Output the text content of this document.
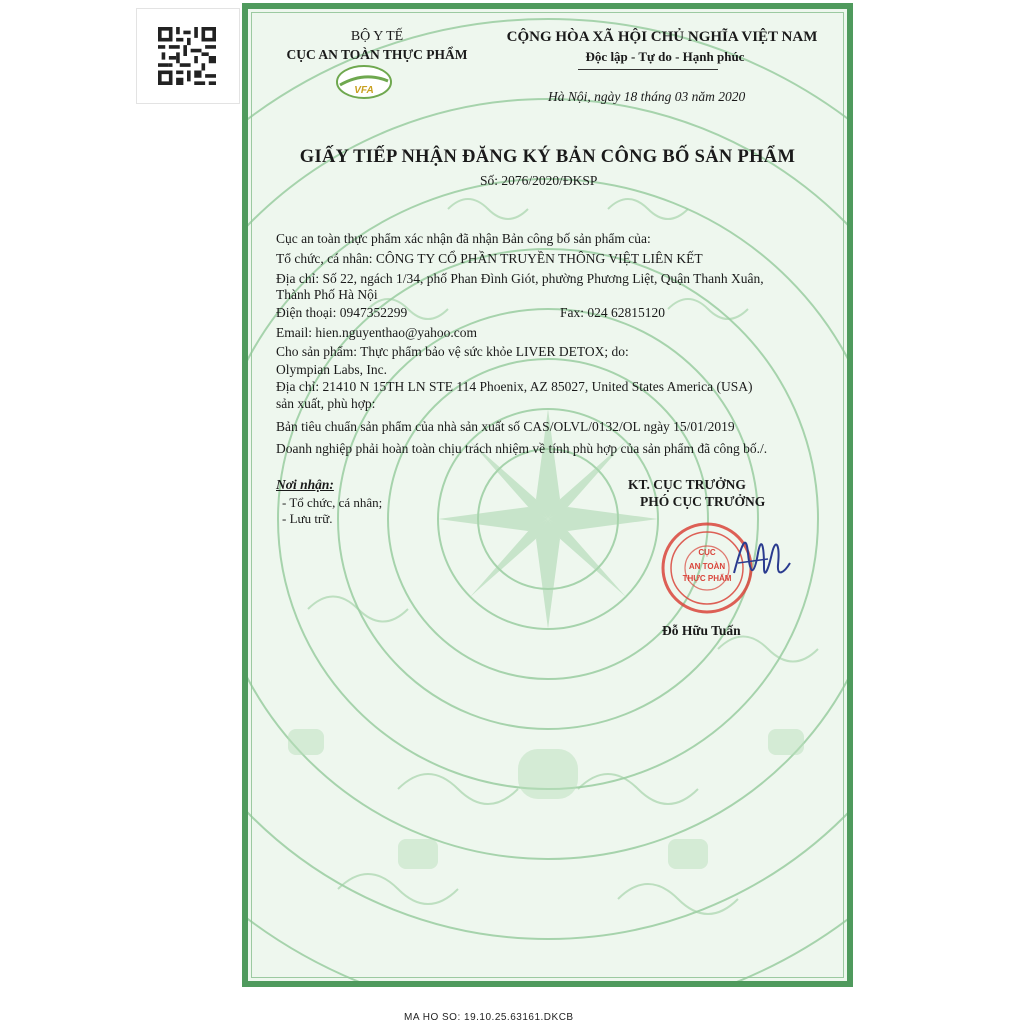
BỘ Y TẾ
CỤC AN TOÀN THỰC PHẨM
VFA
CỘNG HÒA XÃ HỘI CHỦ NGHĨA VIỆT NAM
Độc lập - Tự do - Hạnh phúc
Hà Nội, ngày 18 tháng 03 năm 2020
GIẤY TIẾP NHẬN ĐĂNG KÝ BẢN CÔNG BỐ SẢN PHẨM
Số: 2076/2020/ĐKSP
Cục an toàn thực phẩm xác nhận đã nhận Bản công bố sản phẩm của:
Tổ chức, cá nhân: CÔNG TY CỔ PHẦN TRUYỀN THÔNG VIỆT LIÊN KẾT
Địa chỉ: Số 22, ngách 1/34, phố Phan Đình Giót, phường Phương Liệt, Quận Thanh Xuân,
Thành Phố Hà Nội
Điện thoại: 0947352299	Fax: 024 62815120
Email: hien.nguyenthao@yahoo.com
Cho sản phẩm: Thực phẩm bảo vệ sức khỏe LIVER DETOX; do:
Olympian Labs, Inc.
Địa chỉ: 21410 N 15TH LN STE 114 Phoenix, AZ 85027, United States America (USA)
sản xuất, phù hợp:
Bản tiêu chuẩn sản phẩm của nhà sản xuất số CAS/OLVL/0132/OL ngày 15/01/2019
Doanh nghiệp phải hoàn toàn chịu trách nhiệm về tính phù hợp của sản phẩm đã công bố./.
Nơi nhận:
- Tổ chức, cá nhân;
- Lưu trữ.
KT. CỤC TRƯỞNG
PHÓ CỤC TRƯỞNG
CỤC
AN TOÀN
THỰC PHẨM
Đỗ Hữu Tuấn
MA HO SO: 19.10.25.63161.DKCB
